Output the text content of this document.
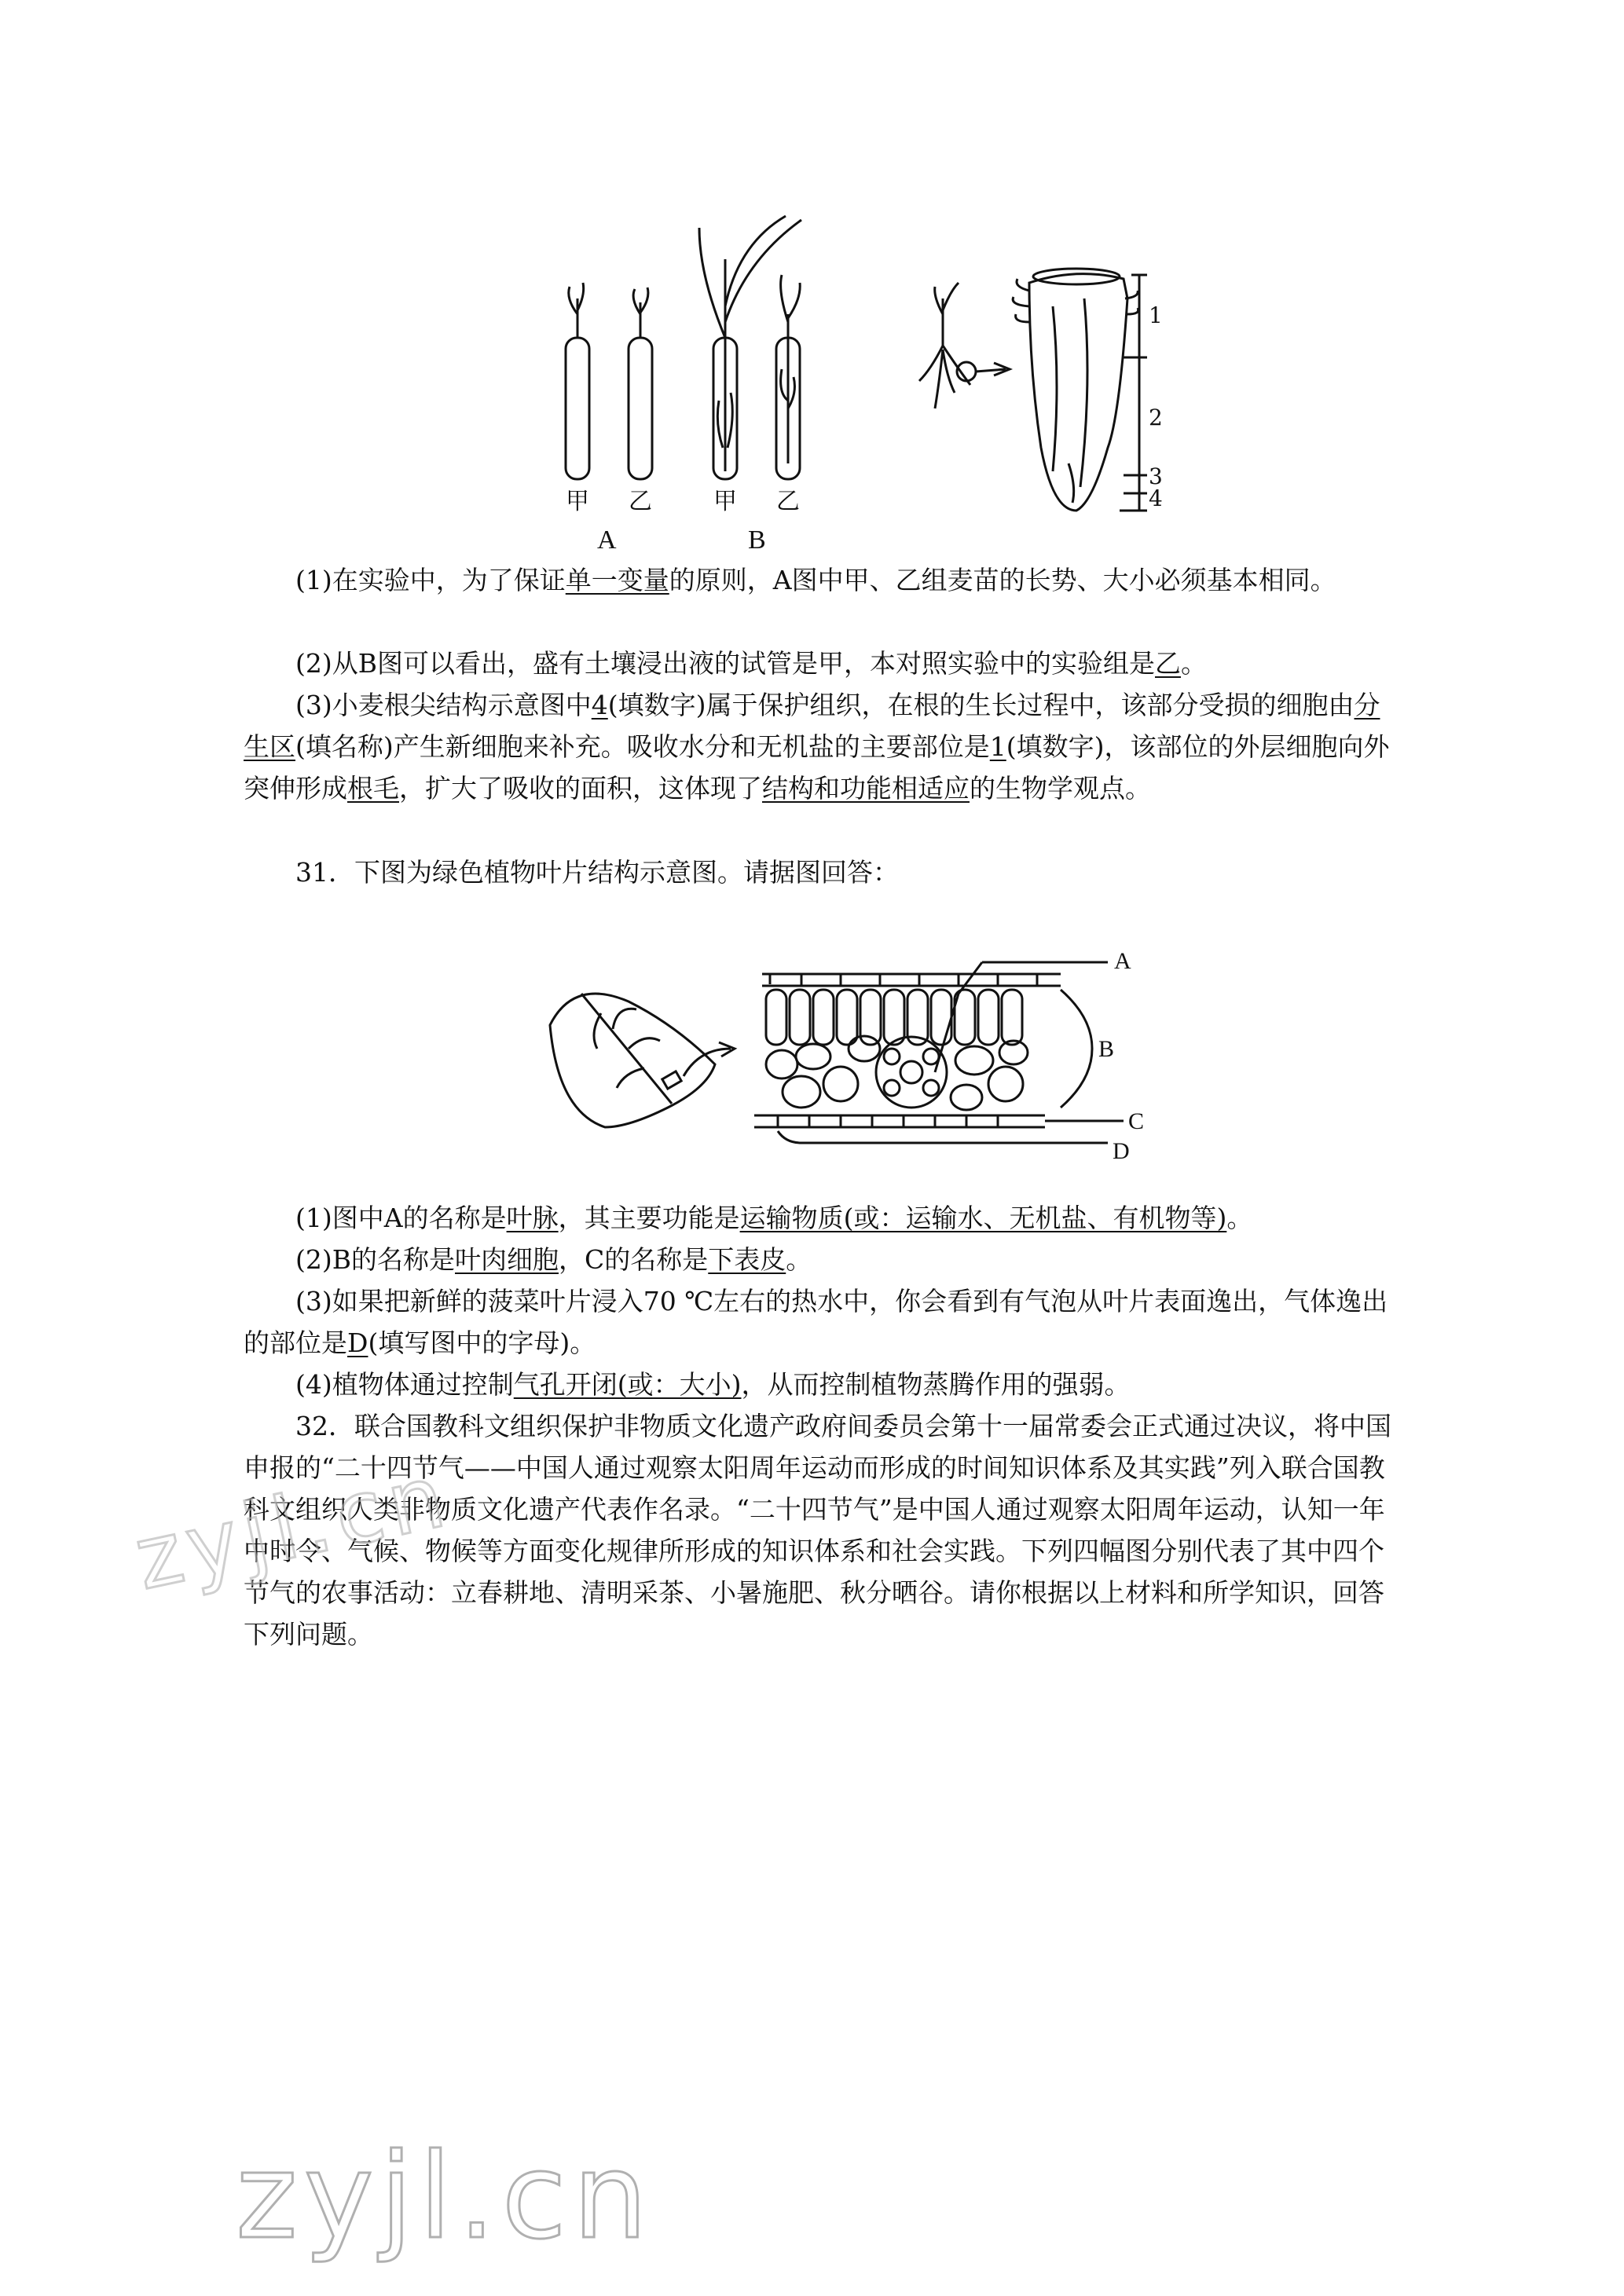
甲 乙	甲 乙
A	B
1
2
3
4

(1)在实验中，为了保证单一变量的原则，A图中甲、乙组麦苗的长势、大小必须基本相同。

(2)从B图可以看出，盛有土壤浸出液的试管是甲，本对照实验中的实验组是乙。

(3)小麦根尖结构示意图中4(填数字)属于保护组织，在根的生长过程中，该部分受损的细胞由分生区(填名称)产生新细胞来补充。吸收水分和无机盐的主要部位是1(填数字)，该部位的外层细胞向外突伸形成根毛，扩大了吸收的面积，这体现了结构和功能相适应的生物学观点。

31．下图为绿色植物叶片结构示意图。请据图回答：

A
B
C
D

(1)图中A的名称是叶脉，其主要功能是运输物质(或：运输水、无机盐、有机物等)。

(2)B的名称是叶肉细胞，C的名称是下表皮。

(3)如果把新鲜的菠菜叶片浸入70 ℃左右的热水中，你会看到有气泡从叶片表面逸出，气体逸出的部位是D(填写图中的字母)。

(4)植物体通过控制气孔开闭(或：大小)，从而控制植物蒸腾作用的强弱。

32．联合国教科文组织保护非物质文化遗产政府间委员会第十一届常委会正式通过决议，将中国申报的“二十四节气——中国人通过观察太阳周年运动而形成的时间知识体系及其实践”列入联合国教科文组织人类非物质文化遗产代表作名录。“二十四节气”是中国人通过观察太阳周年运动，认知一年中时令、气候、物候等方面变化规律所形成的知识体系和社会实践。下列四幅图分别代表了其中四个节气的农事活动：立春耕地、清明采茶、小暑施肥、秋分晒谷。请你根据以上材料和所学知识，回答下列问题。

zyjl.cn
zyjl.cn
